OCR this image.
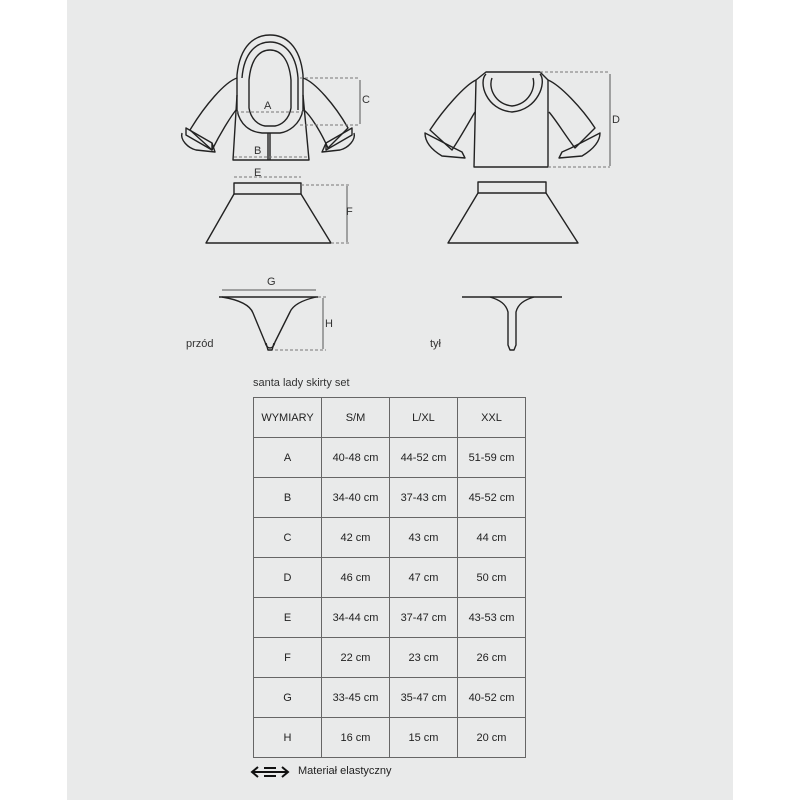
A
B
C
D
E
F
G
H
przód	tył
santa lady skirty set
WYMIARY	S/M	L/XL	XXL
A	40-48 cm	44-52 cm	51-59 cm
B	34-40 cm	37-43 cm	45-52 cm
C	42 cm	43 cm	44 cm
D	46 cm	47 cm	50 cm
E	34-44 cm	37-47 cm	43-53 cm
F	22 cm	23 cm	26 cm
G	33-45 cm	35-47 cm	40-52 cm
H	16 cm	15 cm	20 cm
Materiał elastyczny
